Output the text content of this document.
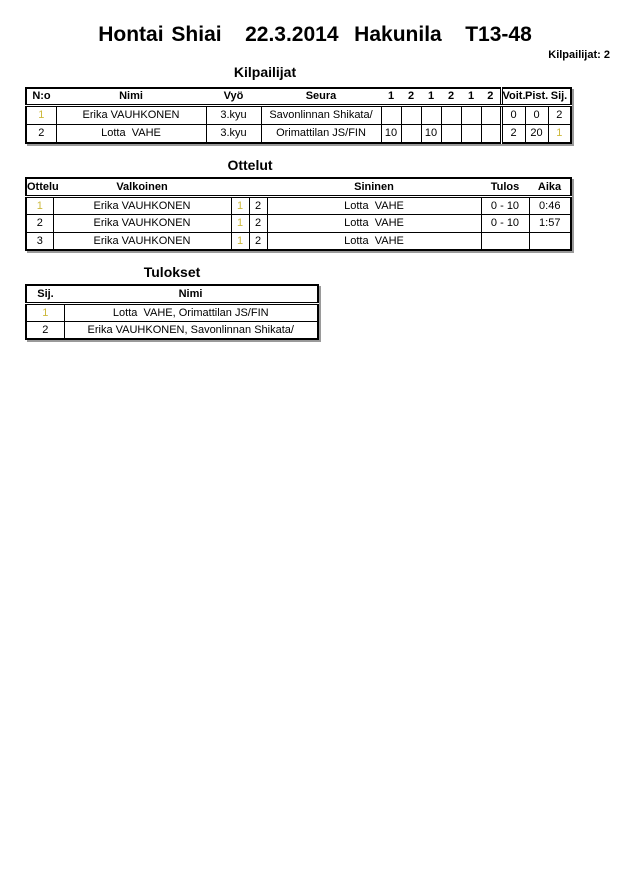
Hontai Shiai   22.3.2014  Hakunila   T13-48
Kilpailijat: 2
Kilpailijat
N:o	Nimi	Vyö	Seura	1	2	1	2	1	2	Voit.	Pist.	Sij.
1	Erika VAUHKONEN	3.kyu	Savonlinnan Shikata/							0	0	2
2	Lotta  VAHE	3.kyu	Orimattilan JS/FIN	10		10				2	20	1
Ottelut
Ottelu	Valkoinen			Sininen	Tulos	Aika
1	Erika VAUHKONEN	1	2	Lotta  VAHE	0 - 10	0:46
2	Erika VAUHKONEN	1	2	Lotta  VAHE	0 - 10	1:57
3	Erika VAUHKONEN	1	2	Lotta  VAHE		
Tulokset
Sij.	Nimi
1	Lotta  VAHE, Orimattilan JS/FIN
2	Erika VAUHKONEN, Savonlinnan Shikata/
